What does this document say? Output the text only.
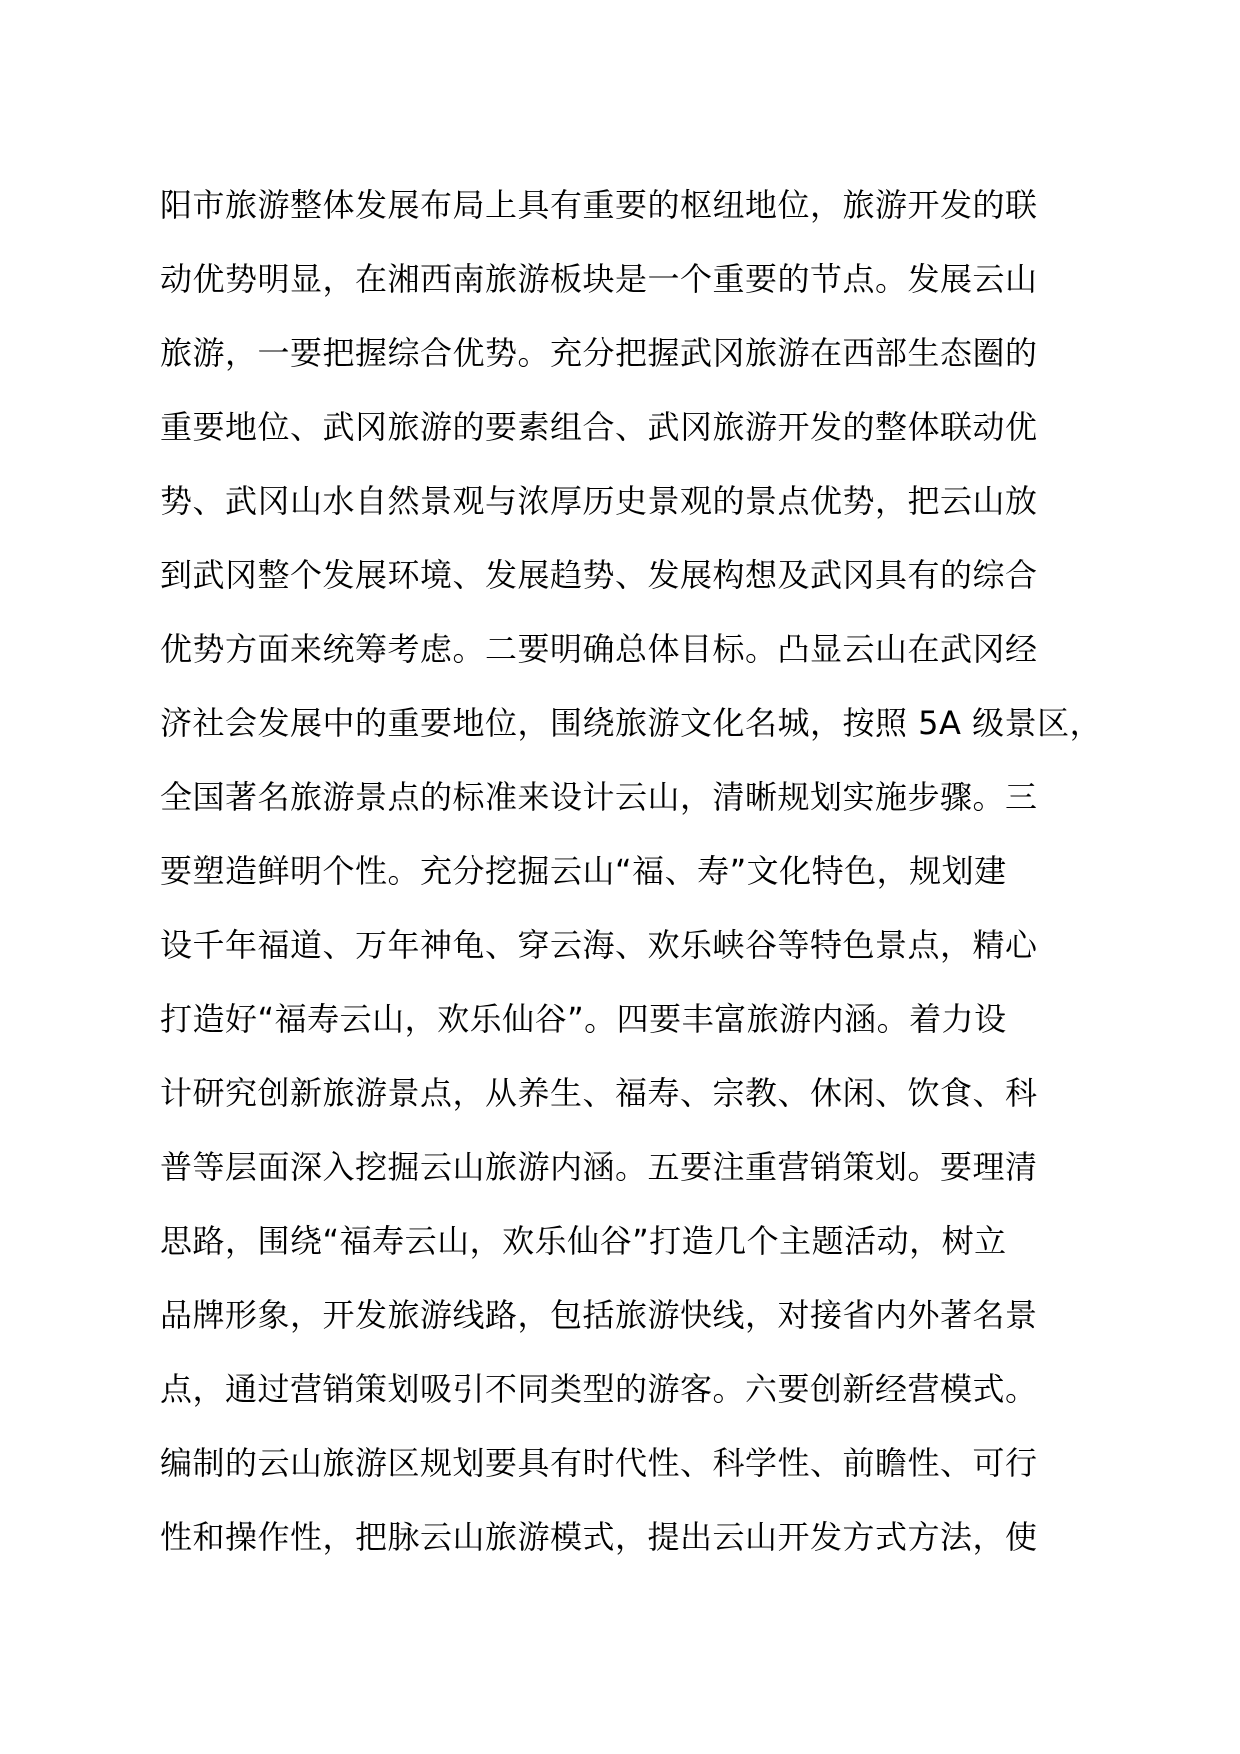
阳市旅游整体发展布局上具有重要的枢纽地位，旅游开发的联
动优势明显，在湘西南旅游板块是一个重要的节点。发展云山
旅游，一要把握综合优势。充分把握武冈旅游在西部生态圈的
重要地位、武冈旅游的要素组合、武冈旅游开发的整体联动优
势、武冈山水自然景观与浓厚历史景观的景点优势，把云山放
到武冈整个发展环境、发展趋势、发展构想及武冈具有的综合
优势方面来统筹考虑。二要明确总体目标。凸显云山在武冈经
济社会发展中的重要地位，围绕旅游文化名城，按照 5A 级景区，
全国著名旅游景点的标准来设计云山，清晰规划实施步骤。三
要塑造鲜明个性。充分挖掘云山“福、寿”文化特色，规划建
设千年福道、万年神龟、穿云海、欢乐峡谷等特色景点，精心
打造好“福寿云山，欢乐仙谷”。四要丰富旅游内涵。着力设
计研究创新旅游景点，从养生、福寿、宗教、休闲、饮食、科
普等层面深入挖掘云山旅游内涵。五要注重营销策划。要理清
思路，围绕“福寿云山，欢乐仙谷”打造几个主题活动，树立
品牌形象，开发旅游线路，包括旅游快线，对接省内外著名景
点，通过营销策划吸引不同类型的游客。六要创新经营模式。
编制的云山旅游区规划要具有时代性、科学性、前瞻性、可行
性和操作性，把脉云山旅游模式，提出云山开发方式方法，使
